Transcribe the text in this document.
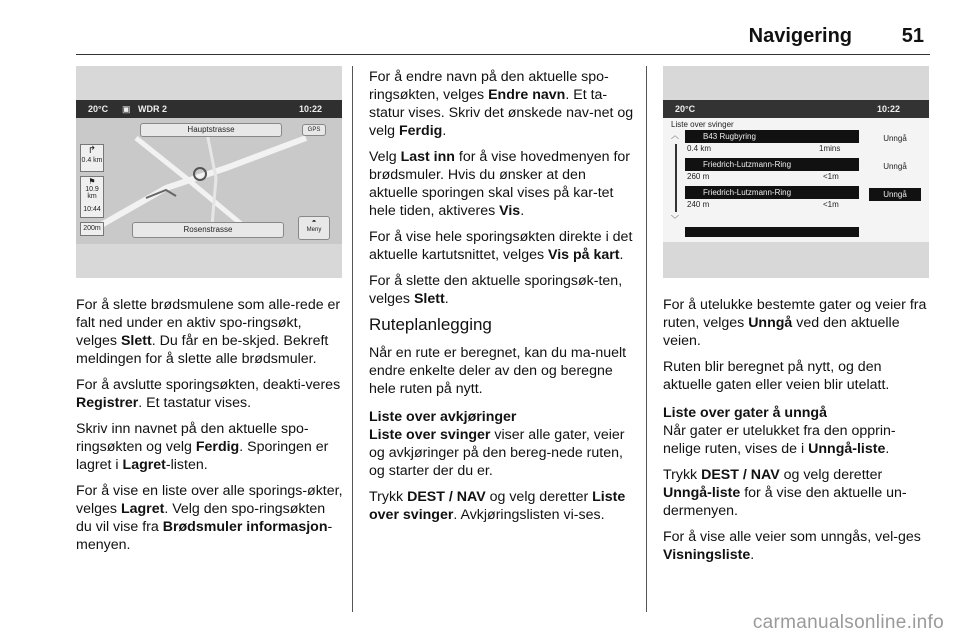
Navigering 51
20°C ▣ WDR 2	10:22
Hauptstrasse	GPS
↱
0.4 km
⚑
10.9 km
10:44
200m	Rosenstrasse
◓
Meny

For å slette brødsmulene som alle-rede er falt ned under en aktiv spo-ringsøkt, velges Slett. Du får en be-skjed. Bekreft meldingen for å slette alle brødsmuler.

For å avslutte sporingsøkten, deakti-veres Registrer. Et tastatur vises.

Skriv inn navnet på den aktuelle spo-ringsøkten og velg Ferdig. Sporingen er lagret i Lagret-listen.

For å vise en liste over alle sporings-økter, velges Lagret. Velg den spo-ringsøkten du vil vise fra Brødsmuler informasjon-menyen.

For å endre navn på den aktuelle spo-ringsøkten, velges Endre navn. Et ta-statur vises. Skriv det ønskede nav-net og velg Ferdig.

Velg Last inn for å vise hovedmenyen for brødsmuler. Hvis du ønsker at den aktuelle sporingen skal vises på kar-tet hele tiden, aktiveres Vis.

For å vise hele sporingsøkten direkte i det aktuelle kartutsnittet, velges Vis på kart.

For å slette den aktuelle sporingsøk-ten, velges Slett.

Ruteplanlegging

Når en rute er beregnet, kan du ma-nuelt endre enkelte deler av den og beregne hele ruten på nytt.

Liste over avkjøringer

Liste over svinger viser alle gater, veier og avkjøringer på den bereg-nede ruten, og starter der du er.

Trykk DEST / NAV og velg deretter Liste over svinger. Avkjøringslisten vi-ses.

20°C	10:22
Liste over svinger
︿
﹀
B43 Rugbyring
0.4 km	1mins
Unngå
Friedrich-Lutzmann-Ring
260 m	<1m
Unngå
Friedrich-Lutzmann-Ring
240 m	<1m
Unngå

For å utelukke bestemte gater og veier fra ruten, velges Unngå ved den aktuelle veien.

Ruten blir beregnet på nytt, og den aktuelle gaten eller veien blir utelatt.

Liste over gater å unngå

Når gater er utelukket fra den opprin-nelige ruten, vises de i Unngå-liste.

Trykk DEST / NAV og velg deretter Unngå-liste for å vise den aktuelle un-dermenyen.

For å vise alle veier som unngås, vel-ges Visningsliste.

carmanualsonline.info
